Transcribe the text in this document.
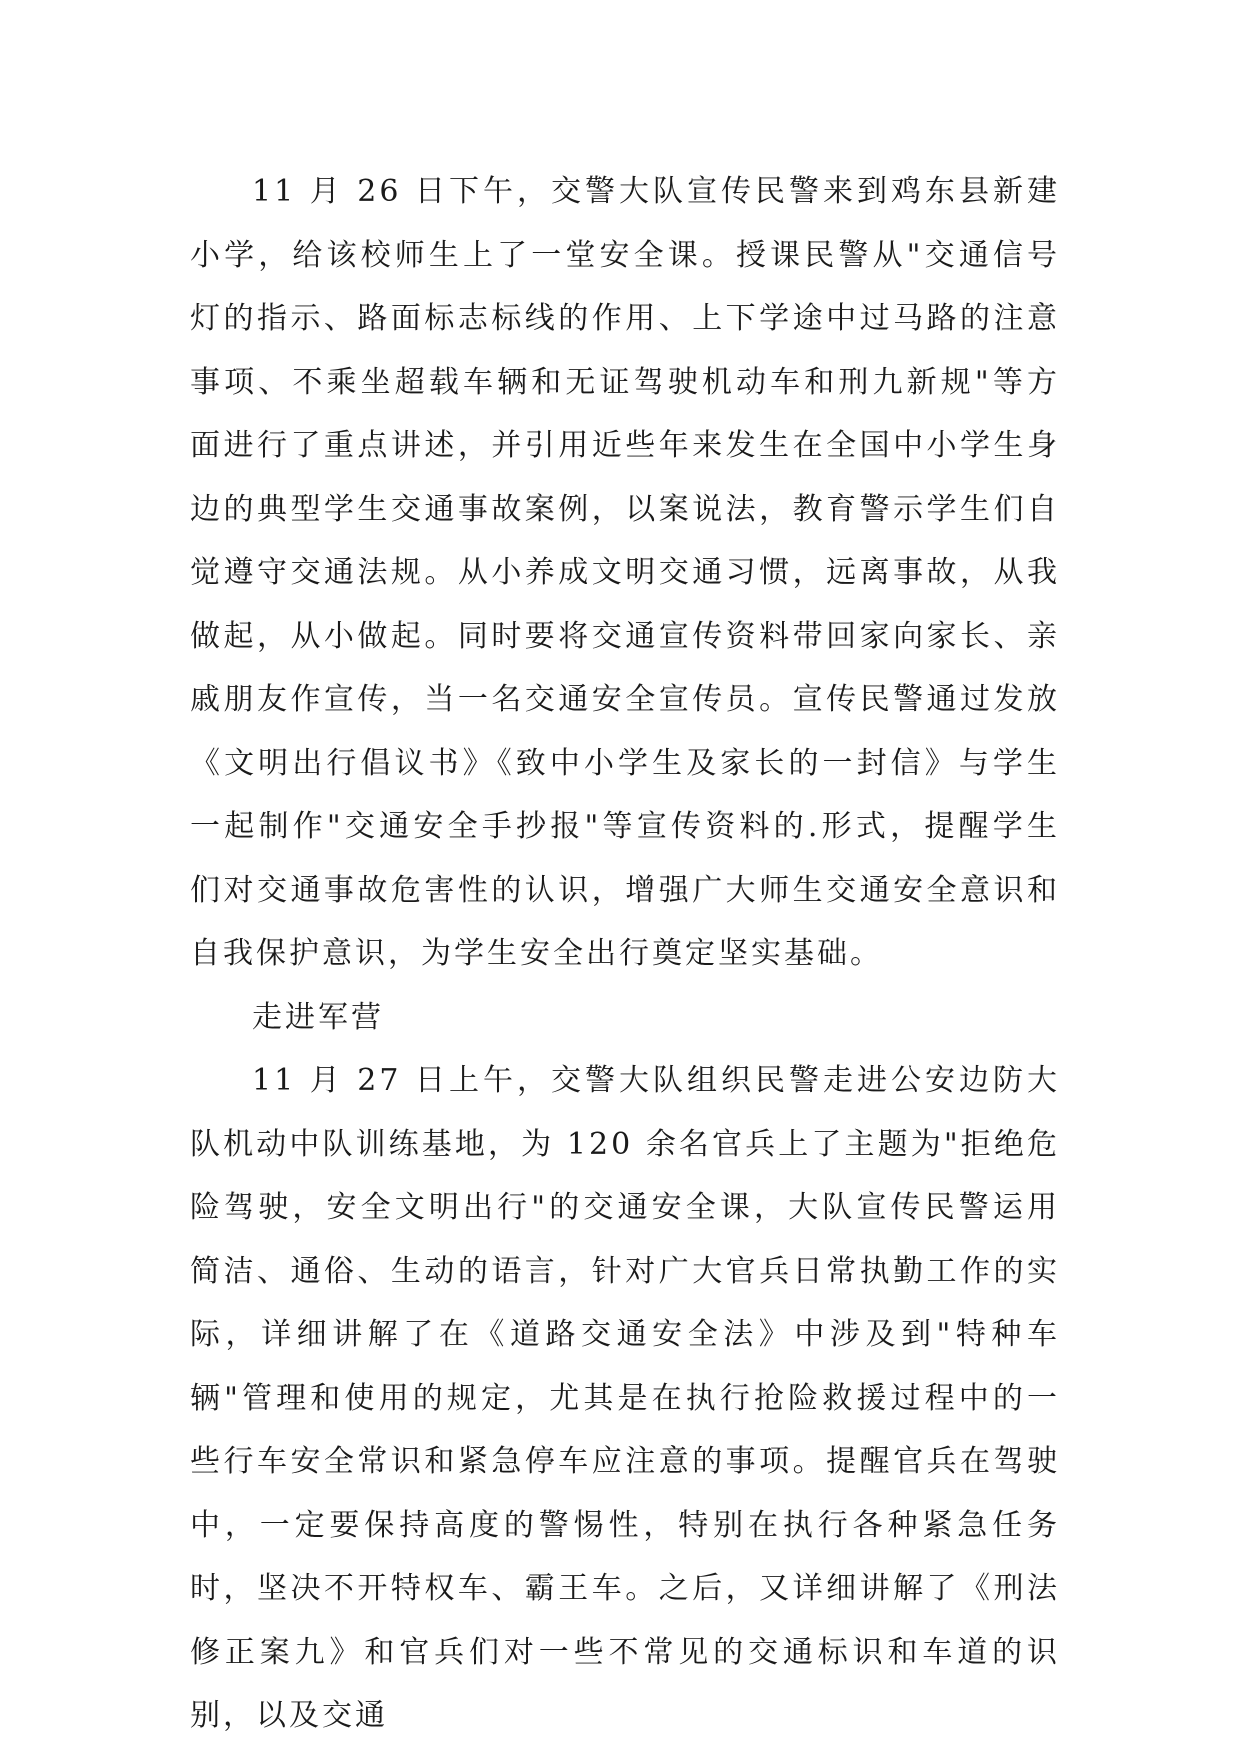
11 月 26 日下午，交警大队宣传民警来到鸡东县新建小学，给该校师生上了一堂安全课。授课民警从"交通信号灯的指示、路面标志标线的作用、上下学途中过马路的注意事项、不乘坐超载车辆和无证驾驶机动车和刑九新规"等方面进行了重点讲述，并引用近些年来发生在全国中小学生身边的典型学生交通事故案例，以案说法，教育警示学生们自觉遵守交通法规。从小养成文明交通习惯，远离事故，从我做起，从小做起。同时要将交通宣传资料带回家向家长、亲戚朋友作宣传，当一名交通安全宣传员。宣传民警通过发放《文明出行倡议书》《致中小学生及家长的一封信》与学生一起制作"交通安全手抄报"等宣传资料的.形式，提醒学生们对交通事故危害性的认识，增强广大师生交通安全意识和自我保护意识，为学生安全出行奠定坚实基础。

走进军营

11 月 27 日上午，交警大队组织民警走进公安边防大队机动中队训练基地，为 120 余名官兵上了主题为"拒绝危险驾驶，安全文明出行"的交通安全课，大队宣传民警运用简洁、通俗、生动的语言，针对广大官兵日常执勤工作的实际，详细讲解了在《道路交通安全法》中涉及到"特种车辆"管理和使用的规定，尤其是在执行抢险救援过程中的一些行车安全常识和紧急停车应注意的事项。提醒官兵在驾驶中，一定要保持高度的警惕性，特别在执行各种紧急任务时，坚决不开特权车、霸王车。之后，又详细讲解了《刑法修正案九》和官兵们对一些不常见的交通标识和车道的识别，以及交通
